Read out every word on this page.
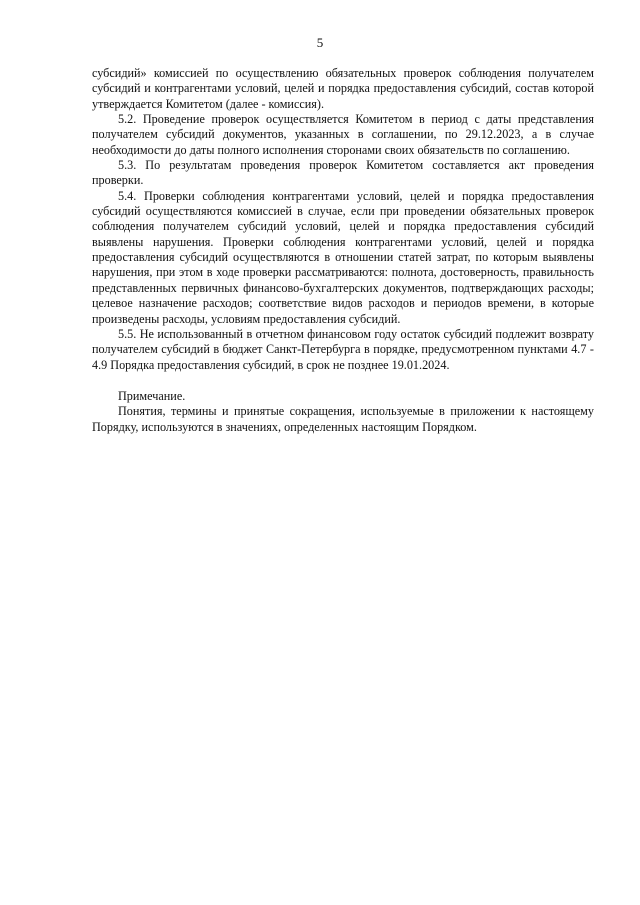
5

субсидий» комиссией по осуществлению обязательных проверок соблюдения получателем субсидий и контрагентами условий, целей и порядка предоставления субсидий, состав которой утверждается Комитетом (далее - комиссия).

5.2. Проведение проверок осуществляется Комитетом в период с даты представления получателем субсидий документов, указанных в соглашении, по 29.12.2023, а в случае необходимости до даты полного исполнения сторонами своих обязательств по соглашению.

5.3. По результатам проведения проверок Комитетом составляется акт проведения проверки.

5.4. Проверки соблюдения контрагентами условий, целей и порядка предоставления субсидий осуществляются комиссией в случае, если при проведении обязательных проверок соблюдения получателем субсидий условий, целей и порядка предоставления субсидий выявлены нарушения. Проверки соблюдения контрагентами условий, целей и порядка предоставления субсидий осуществляются в отношении статей затрат, по которым выявлены нарушения, при этом в ходе проверки рассматриваются: полнота, достоверность, правильность представленных первичных финансово-бухгалтерских документов, подтверждающих расходы; целевое назначение расходов; соответствие видов расходов и периодов времени, в которые произведены расходы, условиям предоставления субсидий.

5.5. Не использованный в отчетном финансовом году остаток субсидий подлежит возврату получателем субсидий в бюджет Санкт-Петербурга в порядке, предусмотренном пунктами 4.7 - 4.9 Порядка предоставления субсидий, в срок не позднее 19.01.2024.

Примечание.

Понятия, термины и принятые сокращения, используемые в приложении к настоящему Порядку, используются в значениях, определенных настоящим Порядком.
